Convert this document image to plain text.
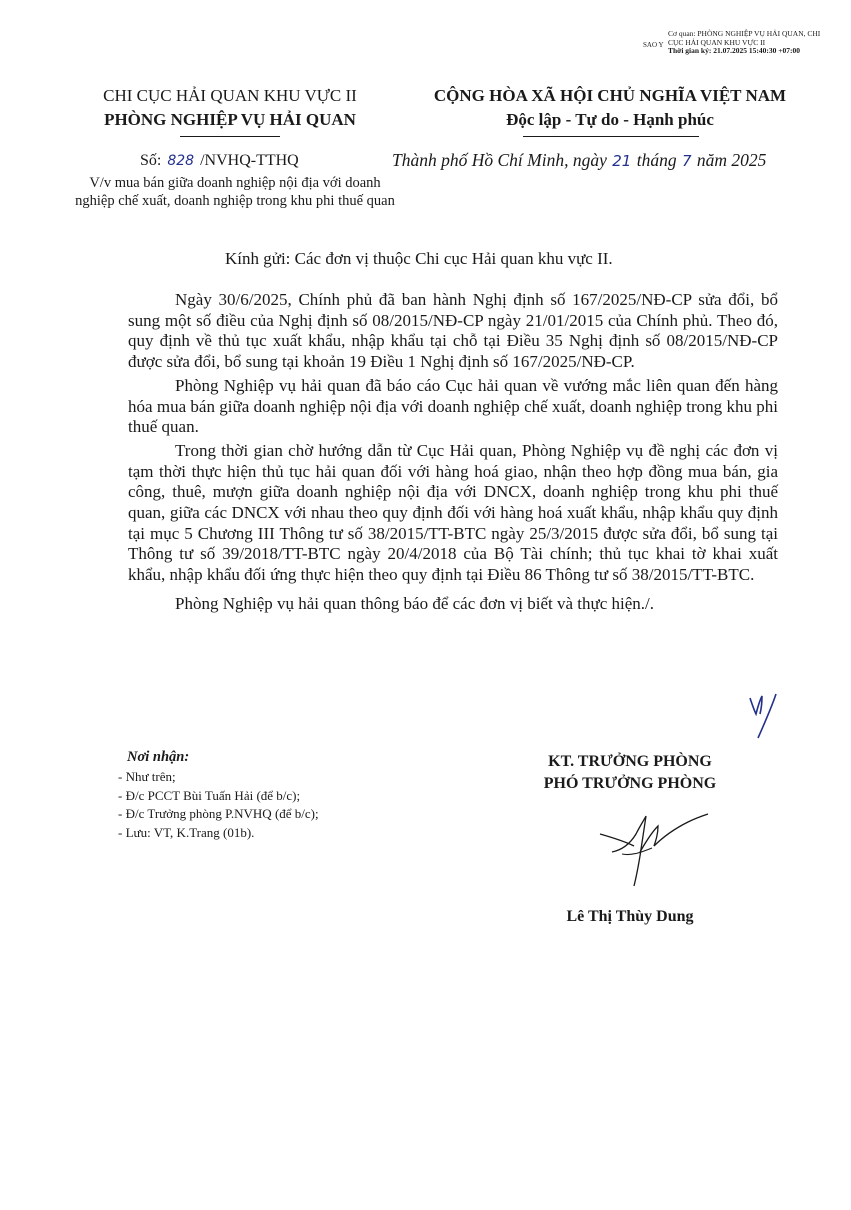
SAO Y
Cơ quan: PHÒNG NGHIỆP VỤ HẢI QUAN, CHI CỤC HẢI QUAN KHU VỰC II
Thời gian ký: 21.07.2025 15:40:30 +07:00
CHI CỤC HẢI QUAN KHU VỰC II
PHÒNG NGHIỆP VỤ HẢI QUAN
CỘNG HÒA XÃ HỘI CHỦ NGHĨA VIỆT NAM
Độc lập - Tự do - Hạnh phúc
Số: 828 /NVHQ-TTHQ
V/v mua bán giữa doanh nghiệp nội địa với doanh nghiệp chế xuất, doanh nghiệp trong khu phi thuế quan
Thành phố Hồ Chí Minh, ngày 21 tháng 7 năm 2025
Kính gửi: Các đơn vị thuộc Chi cục Hải quan khu vực II.

Ngày 30/6/2025, Chính phủ đã ban hành Nghị định số 167/2025/NĐ-CP sửa đổi, bổ sung một số điều của Nghị định số 08/2015/NĐ-CP ngày 21/01/2015 của Chính phủ. Theo đó, quy định về thủ tục xuất khẩu, nhập khẩu tại chỗ tại Điều 35 Nghị định số 08/2015/NĐ-CP được sửa đổi, bổ sung tại khoản 19 Điều 1 Nghị định số 167/2025/NĐ-CP.

Phòng Nghiệp vụ hải quan đã báo cáo Cục hải quan về vướng mắc liên quan đến hàng hóa mua bán giữa doanh nghiệp nội địa với doanh nghiệp chế xuất, doanh nghiệp trong khu phi thuế quan.

Trong thời gian chờ hướng dẫn từ Cục Hải quan, Phòng Nghiệp vụ đề nghị các đơn vị tạm thời thực hiện thủ tục hải quan đối với hàng hoá giao, nhận theo hợp đồng mua bán, gia công, thuê, mượn giữa doanh nghiệp nội địa với DNCX, doanh nghiệp trong khu phi thuế quan, giữa các DNCX với nhau theo quy định đối với hàng hoá xuất khẩu, nhập khẩu quy định tại mục 5 Chương III Thông tư số 38/2015/TT-BTC ngày 25/3/2015 được sửa đổi, bổ sung tại Thông tư số 39/2018/TT-BTC ngày 20/4/2018 của Bộ Tài chính; thủ tục khai tờ khai xuất khẩu, nhập khẩu đối ứng thực hiện theo quy định tại Điều 86 Thông tư số 38/2015/TT-BTC.

Phòng Nghiệp vụ hải quan thông báo để các đơn vị biết và thực hiện./.

Nơi nhận:
- Như trên;
- Đ/c PCCT Bùi Tuấn Hải (để b/c);
- Đ/c Trưởng phòng P.NVHQ (để b/c);
- Lưu: VT, K.Trang (01b).
KT. TRƯỞNG PHÒNG
PHÓ TRƯỞNG PHÒNG
Lê Thị Thùy Dung
